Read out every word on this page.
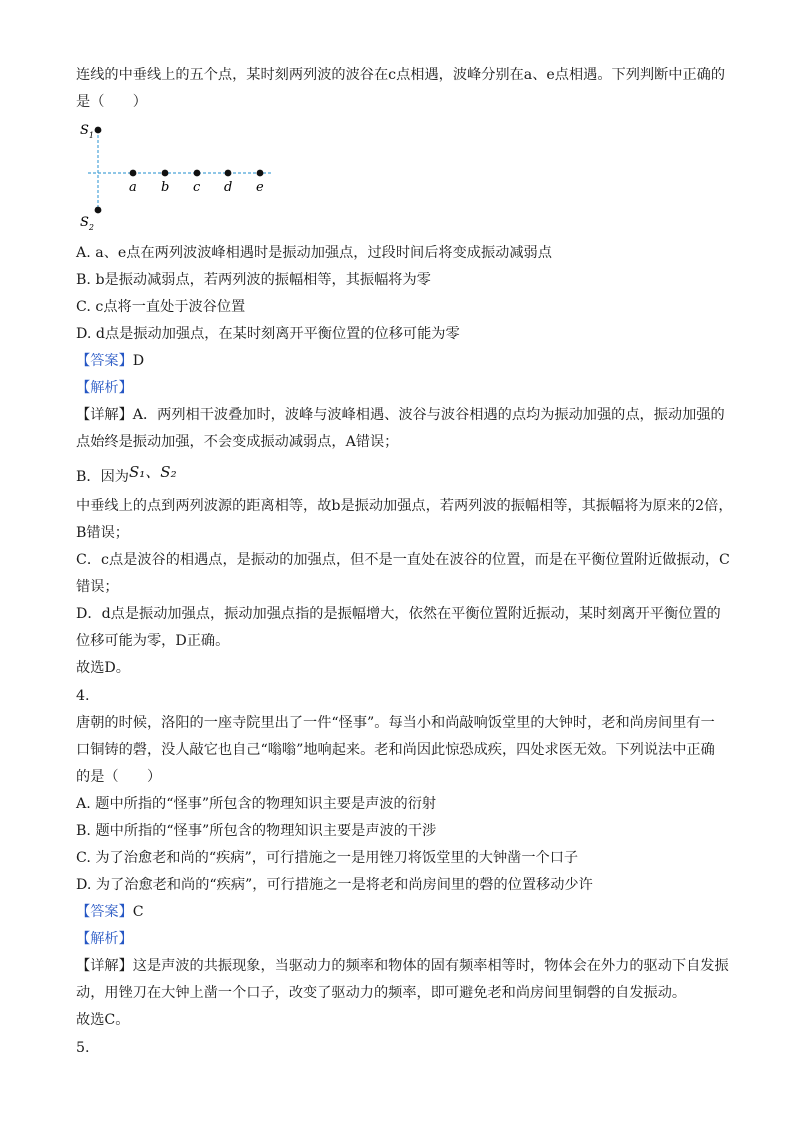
连线的中垂线上的五个点，某时刻两列波的波谷在c点相遇，波峰分别在a、e点相遇。下列判断中正确的
是（　　）
$S_1$
$S_2$
a b c d e
A. a、e点在两列波波峰相遇时是振动加强点，过段时间后将变成振动减弱点
B. b是振动减弱点，若两列波的振幅相等，其振幅将为零
C. c点将一直处于波谷位置
D. d点是振动加强点，在某时刻离开平衡位置的位移可能为零
【答案】D
【解析】
【详解】A．两列相干波叠加时，波峰与波峰相遇、波谷与波谷相遇的点均为振动加强的点，振动加强的
点始终是振动加强，不会变成振动减弱点，A错误；
B．因为S₁、S₂
中垂线上的点到两列波源的距离相等，故b是振动加强点，若两列波的振幅相等，其振幅将为原来的2倍，
B错误；
C．c点是波谷的相遇点，是振动的加强点，但不是一直处在波谷的位置，而是在平衡位置附近做振动，C
错误；
D．d点是振动加强点，振动加强点指的是振幅增大，依然在平衡位置附近振动，某时刻离开平衡位置的
位移可能为零，D正确。
故选D。
4.
唐朝的时候，洛阳的一座寺院里出了一件“怪事”。每当小和尚敲响饭堂里的大钟时，老和尚房间里有一
口铜铸的磬，没人敲它也自己“嗡嗡”地响起来。老和尚因此惊恐成疾，四处求医无效。下列说法中正确
的是（　　）
A. 题中所指的“怪事”所包含的物理知识主要是声波的衍射
B. 题中所指的“怪事”所包含的物理知识主要是声波的干涉
C. 为了治愈老和尚的“疾病”，可行措施之一是用锉刀将饭堂里的大钟凿一个口子
D. 为了治愈老和尚的“疾病”，可行措施之一是将老和尚房间里的磬的位置移动少许
【答案】C
【解析】
【详解】这是声波的共振现象，当驱动力的频率和物体的固有频率相等时，物体会在外力的驱动下自发振
动，用锉刀在大钟上凿一个口子，改变了驱动力的频率，即可避免老和尚房间里铜磬的自发振动。
故选C。
5.
